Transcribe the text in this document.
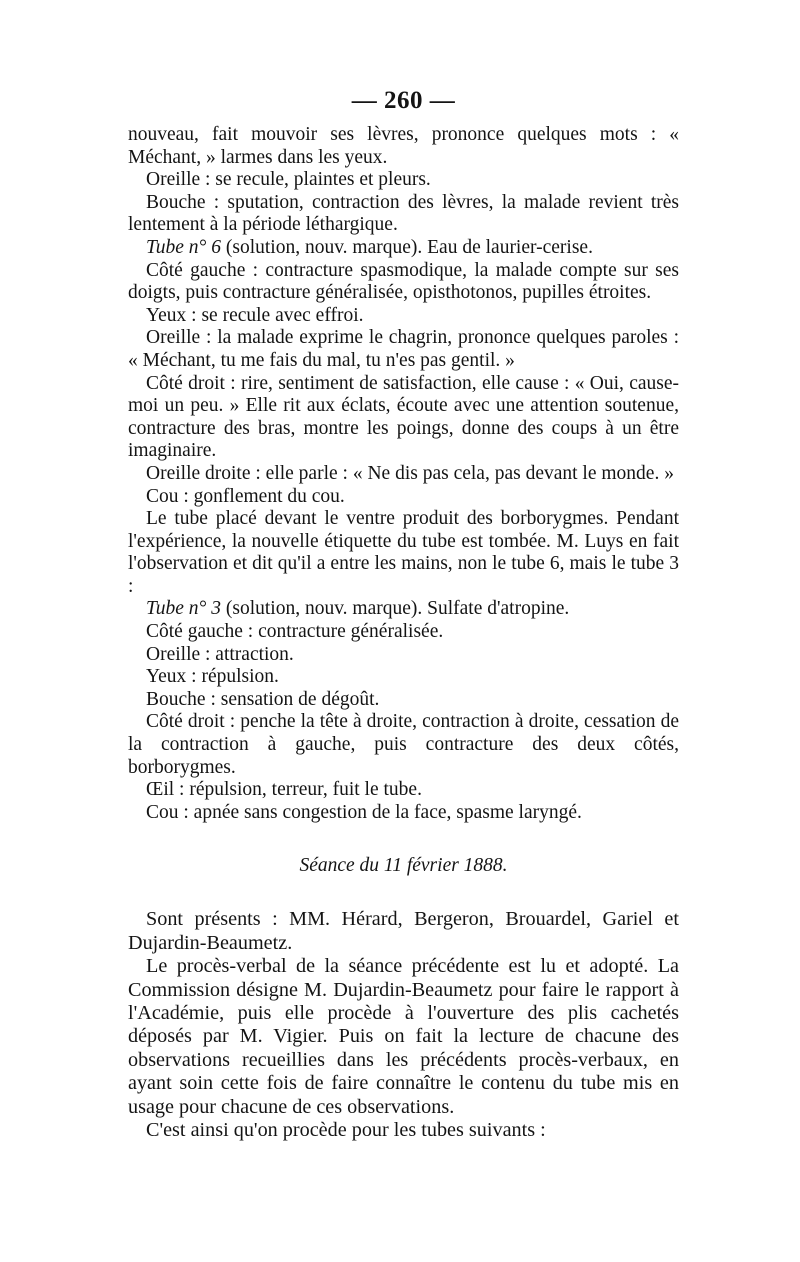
— 260 —

nouveau, fait mouvoir ses lèvres, prononce quelques mots : « Méchant, » larmes dans les yeux.

Oreille : se recule, plaintes et pleurs.

Bouche : sputation, contraction des lèvres, la malade revient très lentement à la période léthargique.

Tube n° 6 (solution, nouv. marque). Eau de laurier-cerise.

Côté gauche : contracture spasmodique, la malade compte sur ses doigts, puis contracture généralisée, opisthotonos, pupilles étroites.

Yeux : se recule avec effroi.

Oreille : la malade exprime le chagrin, prononce quelques paroles : « Méchant, tu me fais du mal, tu n'es pas gentil. »

Côté droit : rire, sentiment de satisfaction, elle cause : « Oui, cause-moi un peu. » Elle rit aux éclats, écoute avec une attention soutenue, contracture des bras, montre les poings, donne des coups à un être imaginaire.

Oreille droite : elle parle : « Ne dis pas cela, pas devant le monde. »

Cou : gonflement du cou.

Le tube placé devant le ventre produit des borborygmes. Pendant l'expérience, la nouvelle étiquette du tube est tombée. M. Luys en fait l'observation et dit qu'il a entre les mains, non le tube 6, mais le tube 3 :

Tube n° 3 (solution, nouv. marque). Sulfate d'atropine.

Côté gauche : contracture généralisée.

Oreille : attraction.

Yeux : répulsion.

Bouche : sensation de dégoût.

Côté droit : penche la tête à droite, contraction à droite, cessation de la contraction à gauche, puis contracture des deux côtés, borborygmes.

Œil : répulsion, terreur, fuit le tube.

Cou : apnée sans congestion de la face, spasme laryngé.

Séance du 11 février 1888.

Sont présents : MM. Hérard, Bergeron, Brouardel, Gariel et Dujardin-Beaumetz.

Le procès-verbal de la séance précédente est lu et adopté. La Commission désigne M. Dujardin-Beaumetz pour faire le rapport à l'Académie, puis elle procède à l'ouverture des plis cachetés déposés par M. Vigier. Puis on fait la lecture de chacune des observations recueillies dans les précédents procès-verbaux, en ayant soin cette fois de faire connaître le contenu du tube mis en usage pour chacune de ces observations.

C'est ainsi qu'on procède pour les tubes suivants :
